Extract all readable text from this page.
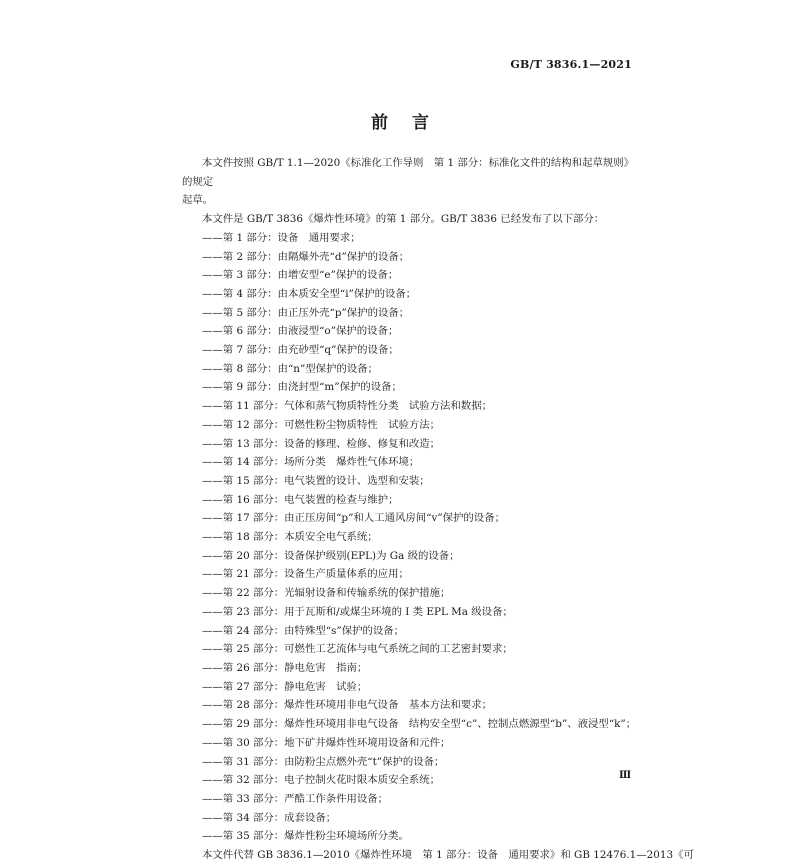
GB/T 3836.1—2021
前言

本文件按照 GB/T 1.1—2020《标准化工作导则　第 1 部分：标准化文件的结构和起草规则》的规定
起草。

本文件是 GB/T 3836《爆炸性环境》的第 1 部分。GB/T 3836 已经发布了以下部分：

——第 1 部分：设备　通用要求；
——第 2 部分：由隔爆外壳“d”保护的设备；
——第 3 部分：由增安型“e”保护的设备；
——第 4 部分：由本质安全型“i”保护的设备；
——第 5 部分：由正压外壳“p”保护的设备；
——第 6 部分：由液浸型“o”保护的设备；
——第 7 部分：由充砂型“q”保护的设备；
——第 8 部分：由“n”型保护的设备；
——第 9 部分：由浇封型“m”保护的设备；
——第 11 部分：气体和蒸气物质特性分类　试验方法和数据；
——第 12 部分：可燃性粉尘物质特性　试验方法；
——第 13 部分：设备的修理、检修、修复和改造；
——第 14 部分：场所分类　爆炸性气体环境；
——第 15 部分：电气装置的设计、选型和安装；
——第 16 部分：电气装置的检查与维护；
——第 17 部分：由正压房间“p”和人工通风房间“v”保护的设备；
——第 18 部分：本质安全电气系统；
——第 20 部分：设备保护级别(EPL)为 Ga 级的设备；
——第 21 部分：设备生产质量体系的应用；
——第 22 部分：光辐射设备和传输系统的保护措施；
——第 23 部分：用于瓦斯和/或煤尘环境的 Ⅰ 类 EPL Ma 级设备；
——第 24 部分：由特殊型“s”保护的设备；
——第 25 部分：可燃性工艺流体与电气系统之间的工艺密封要求；
——第 26 部分：静电危害　指南；
——第 27 部分：静电危害　试验；
——第 28 部分：爆炸性环境用非电气设备　基本方法和要求；
——第 29 部分：爆炸性环境用非电气设备　结构安全型“c”、控制点燃源型“b”、液浸型“k”；
——第 30 部分：地下矿井爆炸性环境用设备和元件；
——第 31 部分：由防粉尘点燃外壳“t”保护的设备；
——第 32 部分：电子控制火花时限本质安全系统；
——第 33 部分：严酷工作条件用设备；
——第 34 部分：成套设备；
——第 35 部分：爆炸性粉尘环境场所分类。

本文件代替 GB 3836.1—2010《爆炸性环境　第 1 部分：设备　通用要求》和 GB 12476.1—2013《可

Ⅲ
